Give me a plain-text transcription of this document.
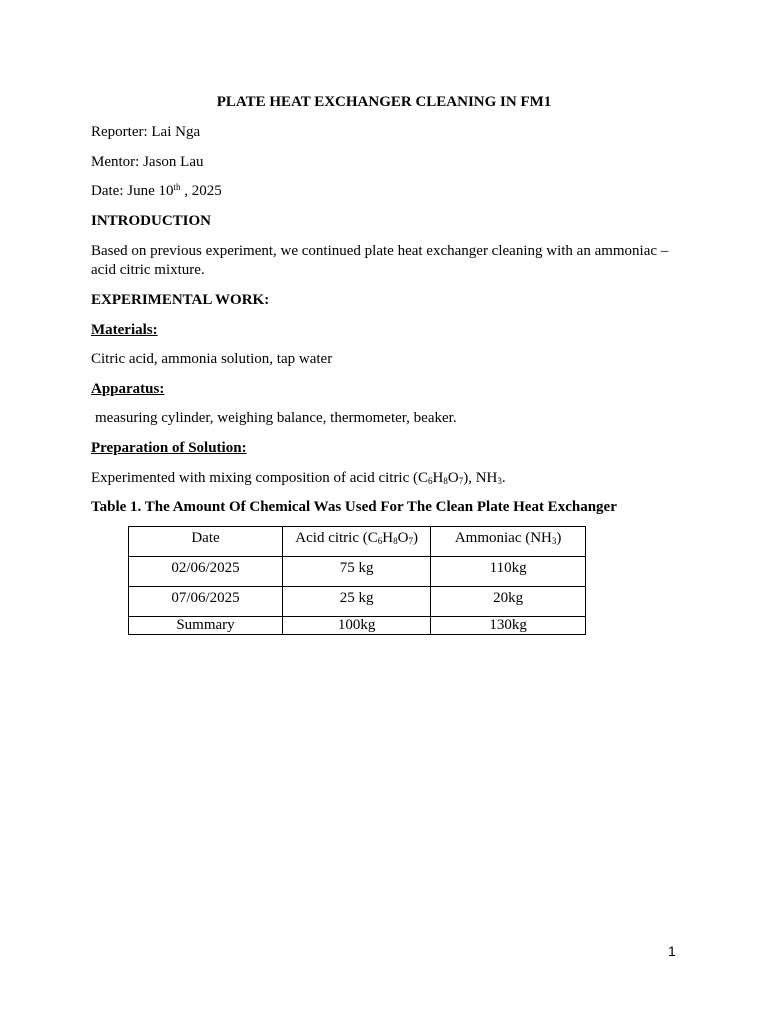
PLATE HEAT EXCHANGER CLEANING IN FM1
Reporter: Lai Nga
Mentor: Jason Lau
Date: June 10th , 2025
INTRODUCTION
Based on previous experiment, we continued plate heat exchanger cleaning with an ammoniac –
acid citric mixture.
EXPERIMENTAL WORK:
Materials:
Citric acid, ammonia solution, tap water
Apparatus:
measuring cylinder, weighing balance, thermometer, beaker.
Preparation of Solution:
Experimented with mixing composition of acid citric $(C_6H_8O_7)$, $NH_3$.
Table 1. The Amount Of Chemical Was Used For The Clean Plate Heat Exchanger
Date	Acid citric $(C_6H_8O_7)$	Ammoniac $(NH_3)$
02/06/2025	75 kg	110kg
07/06/2025	25 kg	20kg
Summary	100kg	130kg
1
